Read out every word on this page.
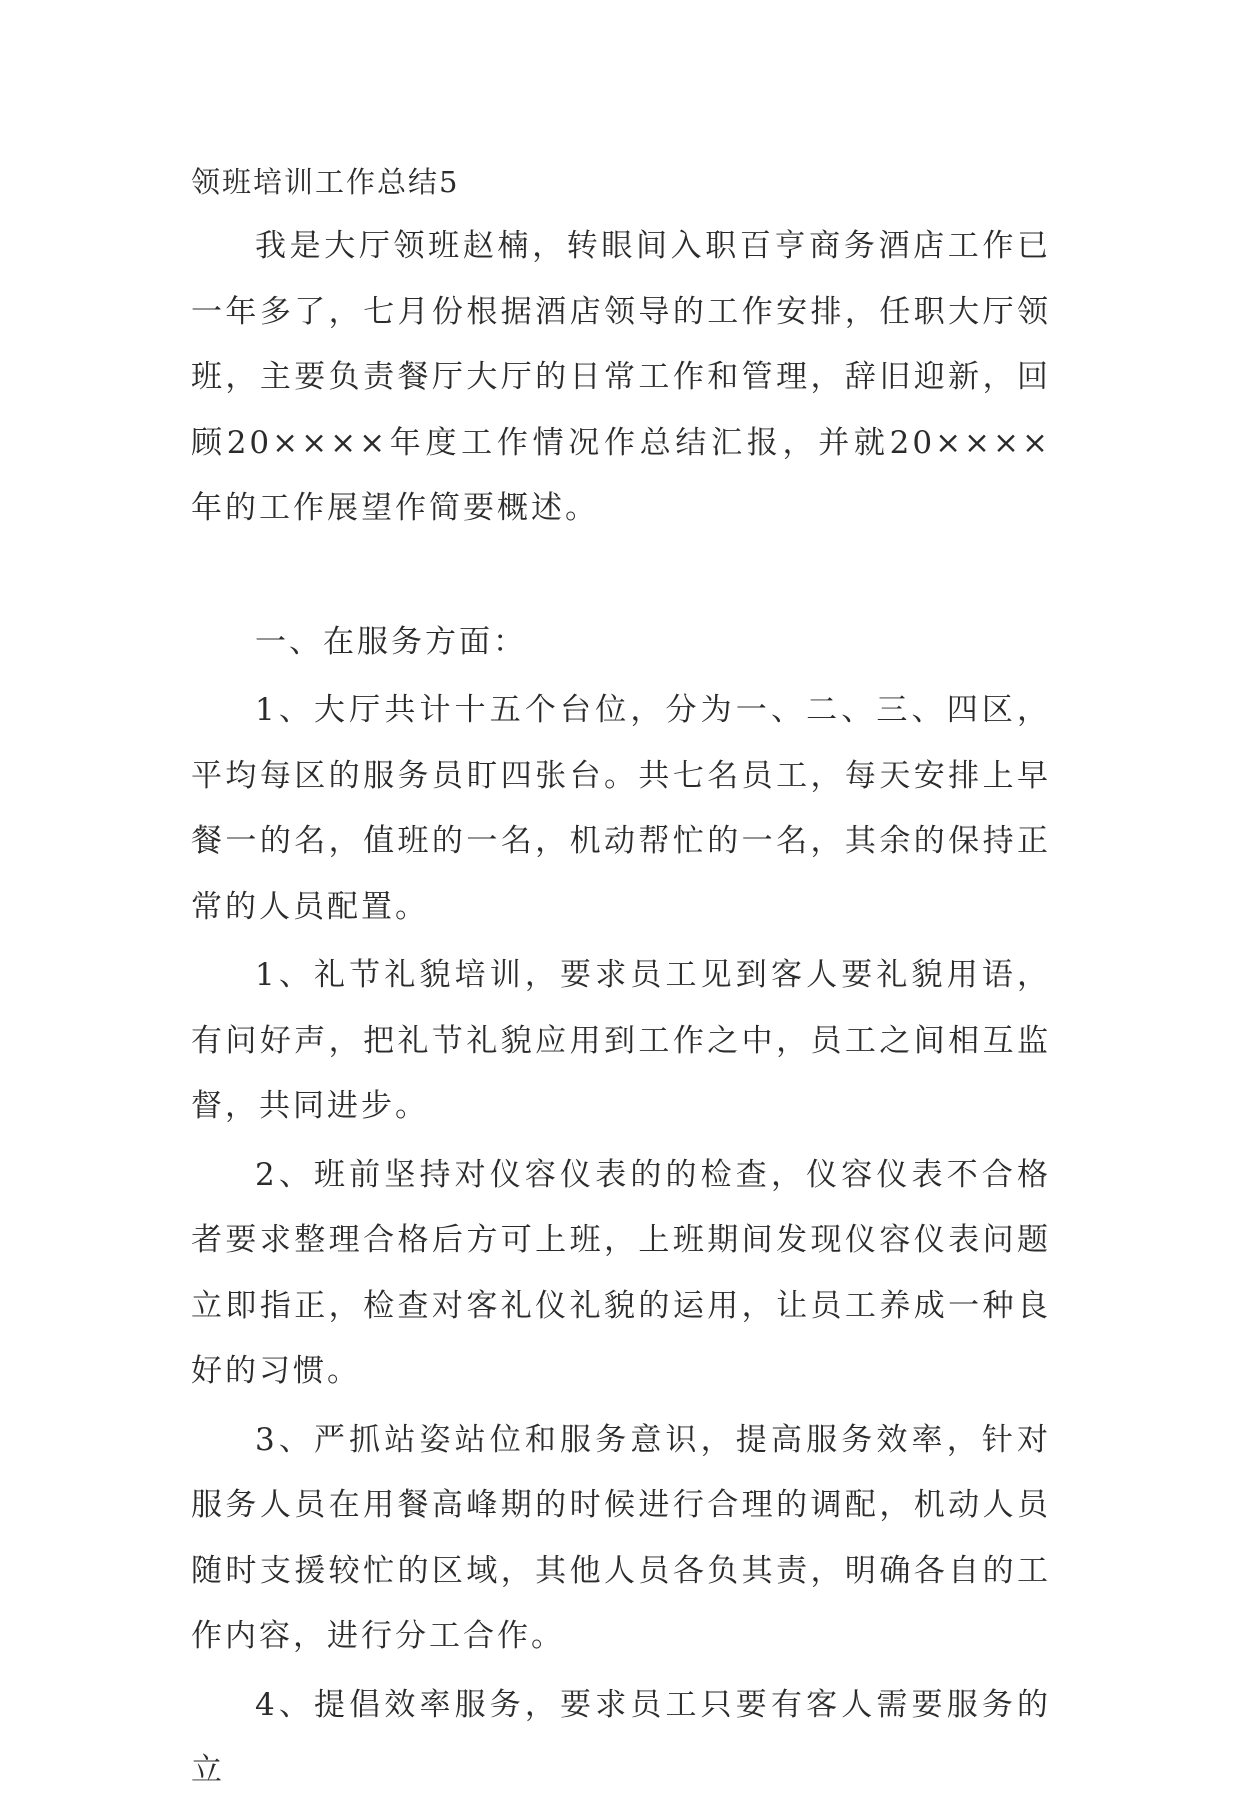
领班培训工作总结5

我是大厅领班赵楠，转眼间入职百亨商务酒店工作已一年多了，七月份根据酒店领导的工作安排，任职大厅领班，主要负责餐厅大厅的日常工作和管理，辞旧迎新，回顾20××××年度工作情况作总结汇报，并就20××××年的工作展望作简要概述。

一、在服务方面：

1、大厅共计十五个台位，分为一、二、三、四区，平均每区的服务员盯四张台。共七名员工，每天安排上早餐一的名，值班的一名，机动帮忙的一名，其余的保持正常的人员配置。

1、礼节礼貌培训，要求员工见到客人要礼貌用语，有问好声，把礼节礼貌应用到工作之中，员工之间相互监督，共同进步。

2、班前坚持对仪容仪表的的检查，仪容仪表不合格者要求整理合格后方可上班，上班期间发现仪容仪表问题立即指正，检查对客礼仪礼貌的运用，让员工养成一种良好的习惯。

3、严抓站姿站位和服务意识，提高服务效率，针对服务人员在用餐高峰期的时候进行合理的调配，机动人员随时支援较忙的区域，其他人员各负其责，明确各自的工作内容，进行分工合作。

4、提倡效率服务，要求员工只要有客人需要服务的立
